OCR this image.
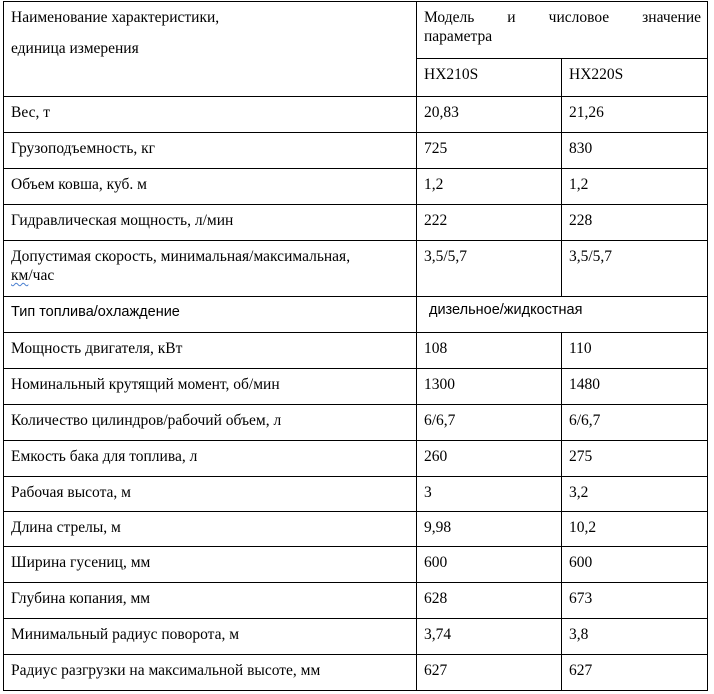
Наименование характеристики,
единица измерения	Модель и числовое значение
параметра	

	HX210S	HX220S
Вес, т	20,83	21,26
Грузоподъемность, кг	725	830
Объем ковша, куб. м	1,2	1,2
Гидравлическая мощность, л/мин	222	228
Допустимая скорость, минимальная/максимальная,
км/час	3,5/5,7	3,5/5,7
Тип топлива/охлаждение	дизельное/жидкостная	
Мощность двигателя, кВт	108	110
Номинальный крутящий момент, об/мин	1300	1480
Количество цилиндров/рабочий объем, л	6/6,7	6/6,7
Емкость бака для топлива, л	260	275
Рабочая высота, м	3	3,2
Длина стрелы, м	9,98	10,2
Ширина гусениц, мм	600	600
Глубина копания, мм	628	673
Минимальный радиус поворота, м	3,74	3,8
Радиус разгрузки на максимальной высоте, мм	627	627
